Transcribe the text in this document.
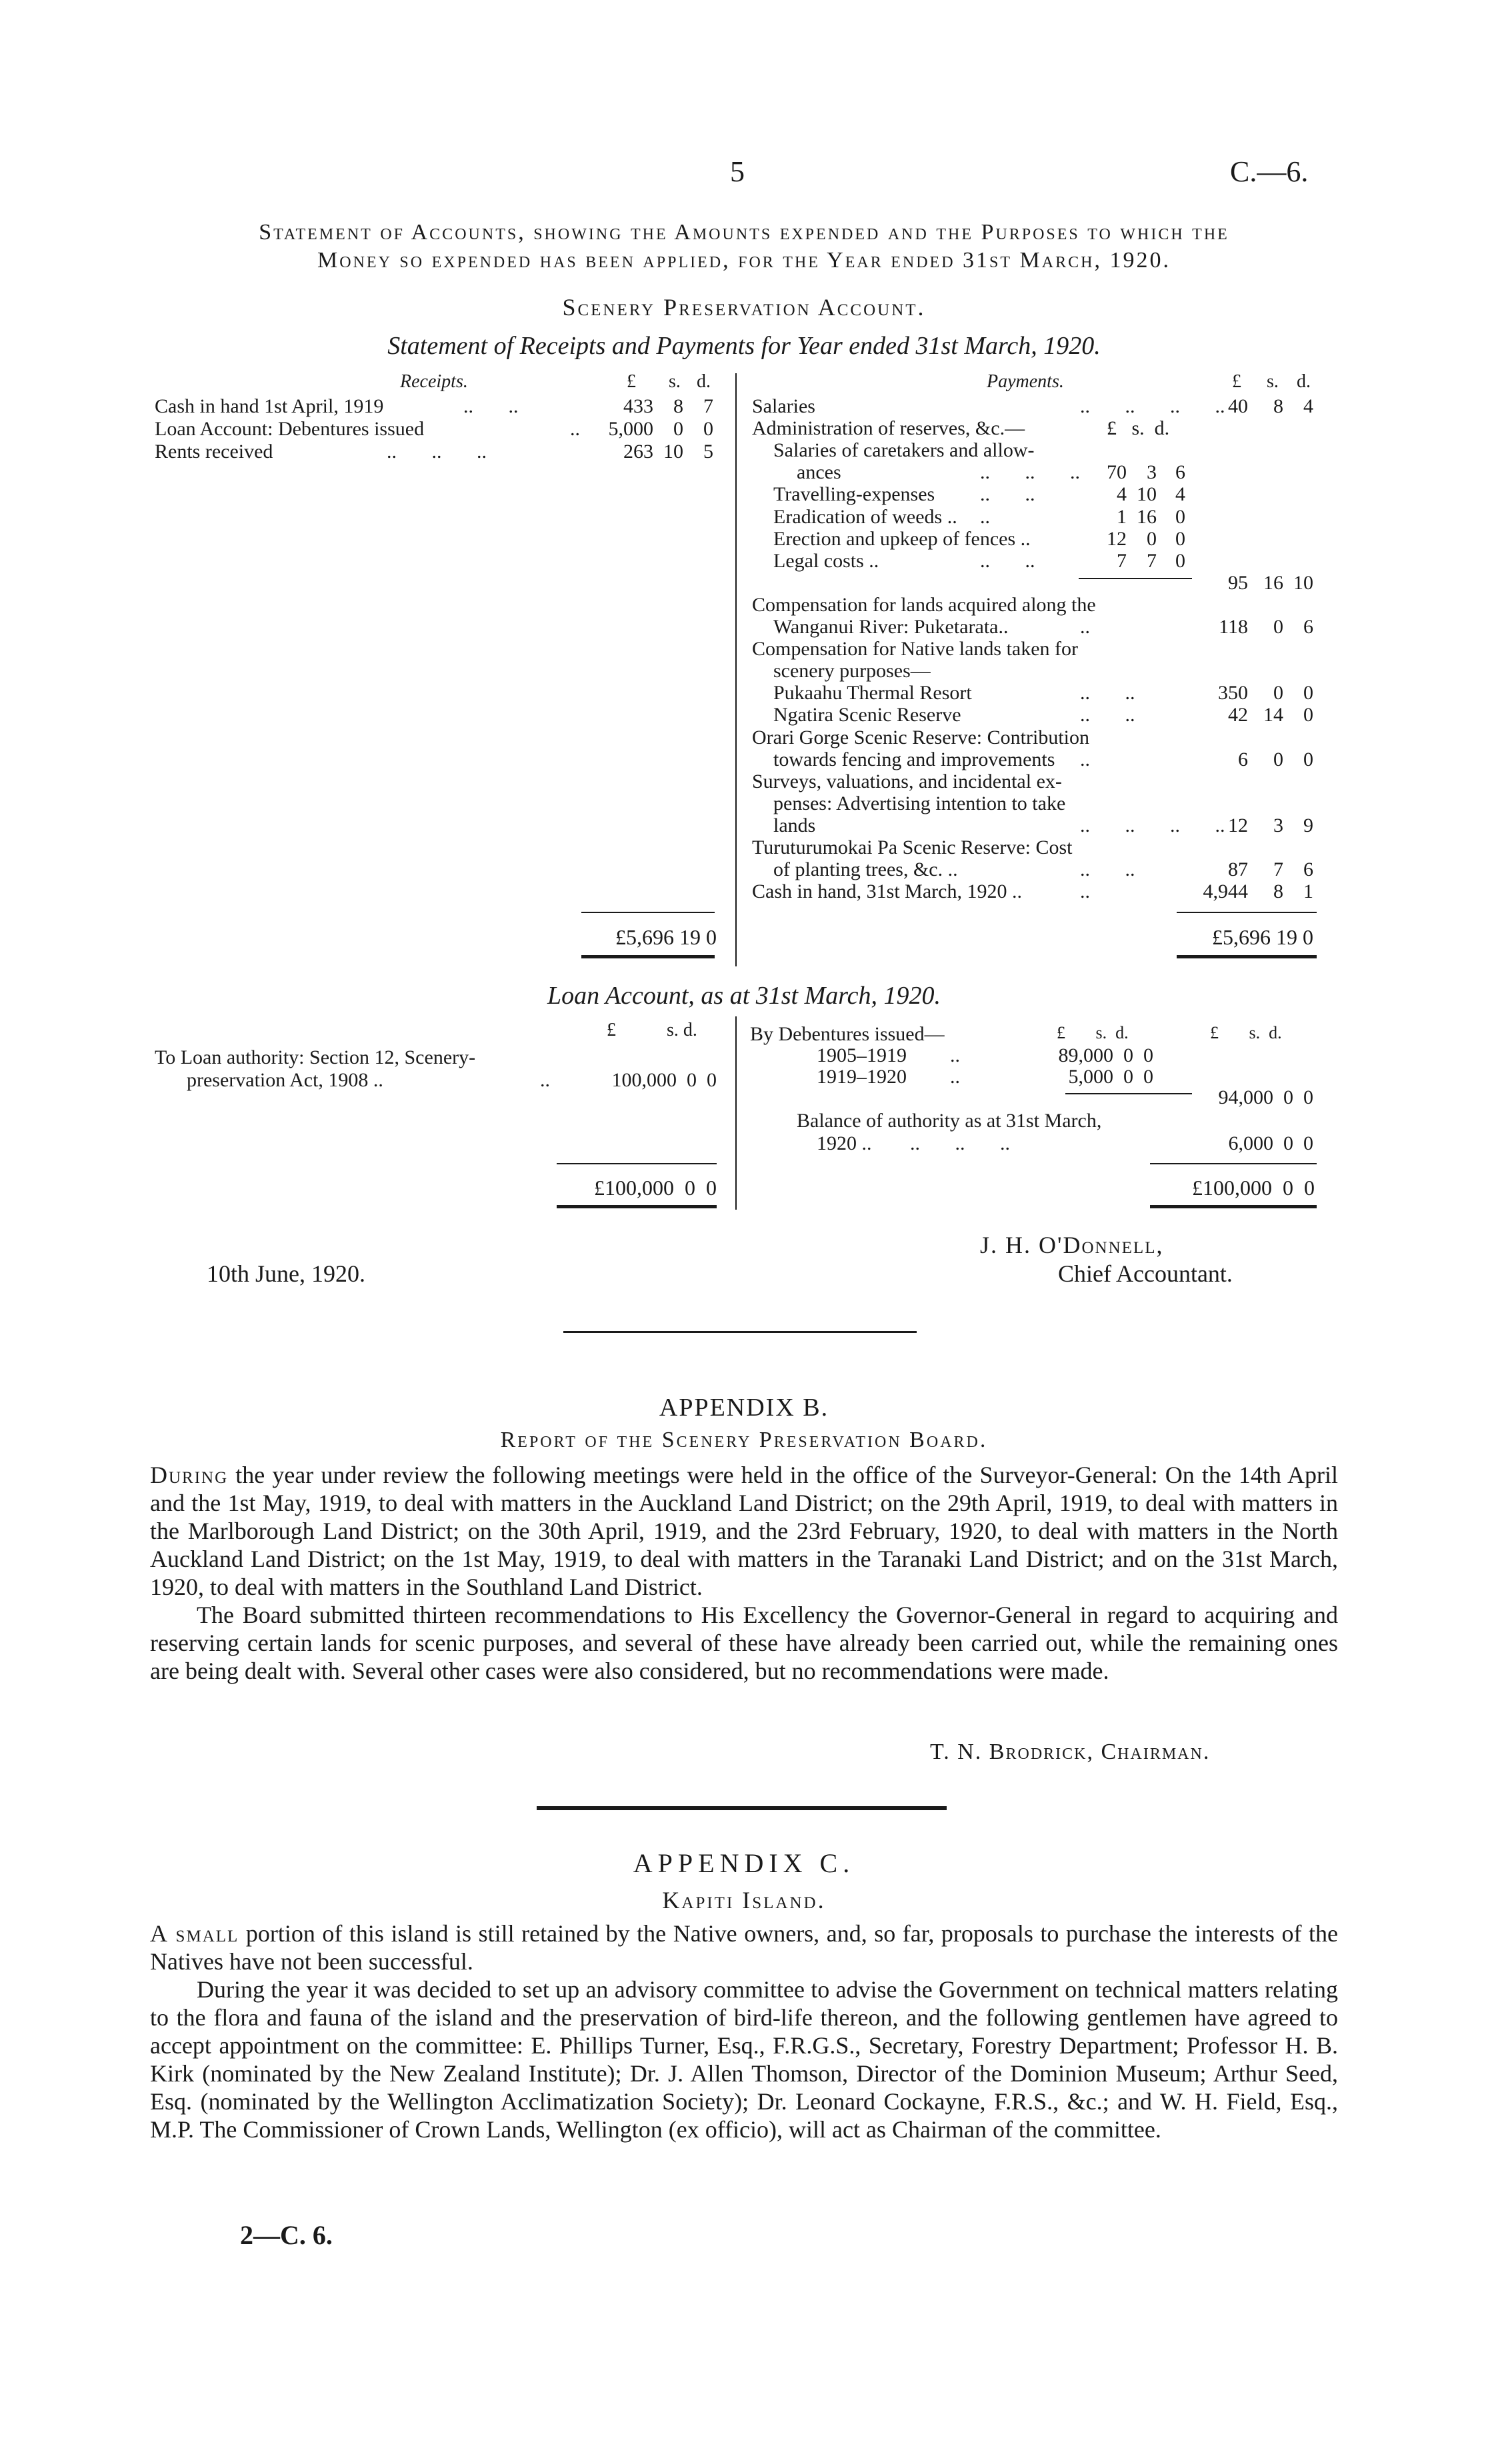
5	C.—6.
Statement of Accounts, showing the Amounts expended and the Purposes to which the
Money so expended has been applied, for the Year ended 31st March, 1920.
Scenery Preservation Account.
Statement of Receipts and Payments for Year ended 31st March, 1920.
Receipts.	£ s. d.
Cash in hand 1st April, 1919	..       ..	433	8	7
Loan Account: Debentures issued	..	5,000	0	0
Rents received	..       ..       ..	263 10	5
£5,696 19 0
Payments.	£ s. d.
Salaries	..       ..       ..       .. 40	8	4
Administration of reserves, &c.—	£   s.  d.
Salaries of caretakers and allow-
ances	..       ..       ..	70	3 6
Travelling-expenses ..       ..	4 10 4
Eradication of weeds .. ..	1 16 0
Erection and upkeep of fences ..	12	0 0
Legal costs ..	..       ..	7	7 0
95 16 10
Compensation for lands acquired along the
Wanganui River: Puketarata..	..	118	0	6
Compensation for Native lands taken for
scenery purposes—
Pukaahu Thermal Resort	..       ..	350	0	0
Ngatira Scenic Reserve	..       ..	42 14	0
Orari Gorge Scenic Reserve: Contribution
towards fencing and improvements ..	6	0	0
Surveys, valuations, and incidental ex-
penses: Advertising intention to take
lands	..       ..       ..       .. 12	3	9
Turuturumokai Pa Scenic Reserve: Cost
of planting trees, &c. ..	..       ..	87	7	6
Cash in hand, 31st March, 1920 ..	..	4,944	8	1
£5,696 19 0
Loan Account, as at 31st March, 1920.
£	s. d.
To Loan authority: Section 12, Scenery-
preservation Act, 1908 ..	..	100,000  0  0
£100,000  0  0
By Debentures issued—	£       s.  d.	£       s.  d.
1905–1919 ..	89,000  0  0
1919–1920 ..	5,000  0  0
94,000  0  0
Balance of authority as at 31st March,
1920 .. ..       ..       ..	6,000  0  0
£100,000  0  0
10th June, 1920.
J. H. O'Donnell,
Chief Accountant.
APPENDIX B.
Report of the Scenery Preservation Board.

During the year under review the following meetings were held in the office of the Surveyor-General: On the 14th April and the 1st May, 1919, to deal with matters in the Auckland Land District; on the 29th April, 1919, to deal with matters in the Marlborough Land District; on the 30th April, 1919, and the 23rd February, 1920, to deal with matters in the North Auckland Land District; on the 1st May, 1919, to deal with matters in the Taranaki Land District; and on the 31st March, 1920, to deal with matters in the Southland Land District.

The Board submitted thirteen recommendations to His Excellency the Governor-General in regard to acquiring and reserving certain lands for scenic purposes, and several of these have already been carried out, while the remaining ones are being dealt with. Several other cases were also considered, but no recommendations were made.

T. N. Brodrick, Chairman.
APPENDIX C.
Kapiti Island.

A small portion of this island is still retained by the Native owners, and, so far, proposals to purchase the interests of the Natives have not been successful.

During the year it was decided to set up an advisory committee to advise the Government on technical matters relating to the flora and fauna of the island and the preservation of bird-life thereon, and the following gentlemen have agreed to accept appointment on the committee: E. Phillips Turner, Esq., F.R.G.S., Secretary, Forestry Department; Professor H. B. Kirk (nominated by the New Zealand Institute); Dr. J. Allen Thomson, Director of the Dominion Museum; Arthur Seed, Esq. (nominated by the Wellington Acclimatization Society); Dr. Leonard Cockayne, F.R.S., &c.; and W. H. Field, Esq., M.P. The Commissioner of Crown Lands, Wellington (ex officio), will act as Chairman of the committee.

2—C. 6.
